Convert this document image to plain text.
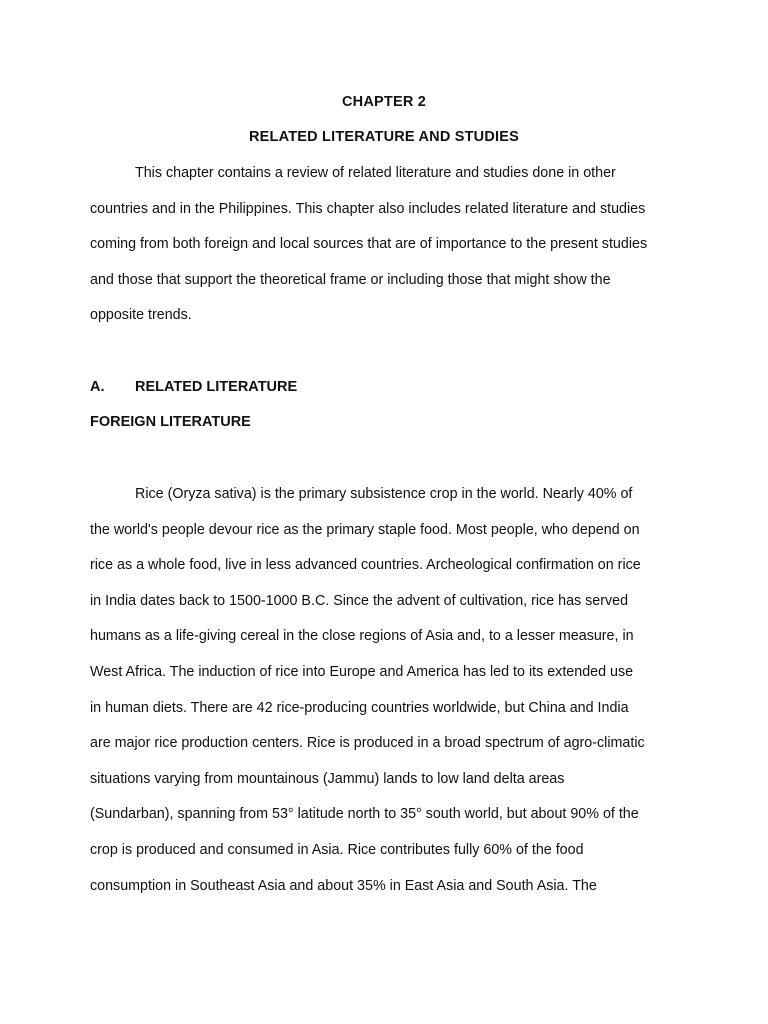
CHAPTER 2
RELATED LITERATURE AND STUDIES
This chapter contains a review of related literature and studies done in other
countries and in the Philippines. This chapter also includes related literature and studies
coming from both foreign and local sources that are of importance to the present studies
and those that support the theoretical frame or including those that might show the
opposite trends.
A. RELATED LITERATURE
FOREIGN LITERATURE
Rice (Oryza sativa) is the primary subsistence crop in the world. Nearly 40% of
the world's people devour rice as the primary staple food. Most people, who depend on
rice as a whole food, live in less advanced countries. Archeological confirmation on rice
in India dates back to 1500-1000 B.C. Since the advent of cultivation, rice has served
humans as a life-giving cereal in the close regions of Asia and, to a lesser measure, in
West Africa. The induction of rice into Europe and America has led to its extended use
in human diets. There are 42 rice-producing countries worldwide, but China and India
are major rice production centers. Rice is produced in a broad spectrum of agro-climatic
situations varying from mountainous (Jammu) lands to low land delta areas
(Sundarban), spanning from 53° latitude north to 35° south world, but about 90% of the
crop is produced and consumed in Asia. Rice contributes fully 60% of the food
consumption in Southeast Asia and about 35% in East Asia and South Asia. The
